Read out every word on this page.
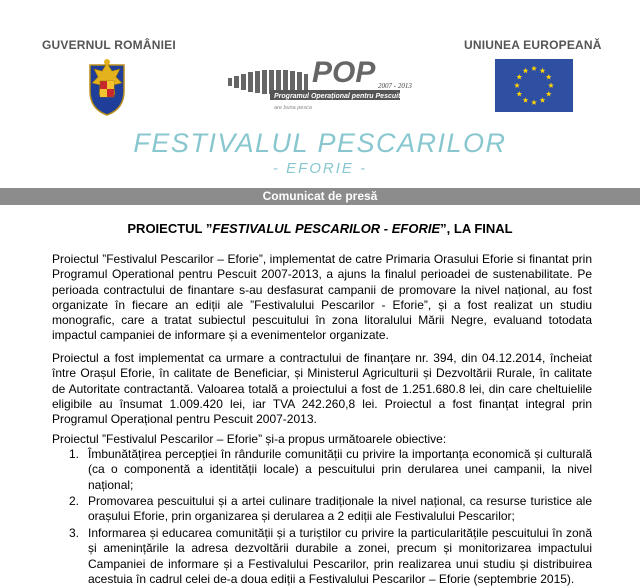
GUVERNUL ROMÂNIEI	UNIUNEA EUROPEANĂ
POP 2007 - 2013
Programul Operațional pentru Pescuit
are buna pesca
FESTIVALUL PESCARILOR
- EFORIE -
Comunicat de presă
PROIECTUL ”FESTIVALUL PESCARILOR - EFORIE”, LA FINAL
Proiectul ”Festivalul Pescarilor – Eforie”, implementat de catre Primaria Orasului Eforie si finantat prin Programul Operational pentru Pescuit 2007-2013, a ajuns la finalul perioadei de sustenabilitate. Pe perioada contractului de finantare s-au desfasurat campanii de promovare la nivel național, au fost organizate în fiecare an ediții ale ”Festivalului Pescarilor - Eforie”, și a fost realizat un studiu monografic, care a tratat subiectul pescuitului în zona litoralului Mării Negre, evaluand totodata impactul campaniei de informare și a evenimentelor organizate.
Proiectul a fost implementat ca urmare a contractului de finanțare nr. 394, din 04.12.2014, încheiat între Orașul Eforie, în calitate de Beneficiar, și Ministerul Agriculturii și Dezvoltării Rurale, în calitate de Autoritate contractantă. Valoarea totală a proiectului a fost de 1.251.680.8 lei, din care cheltuielile eligibile au însumat 1.009.420 lei, iar TVA 242.260,8 lei. Proiectul a fost finanțat integral prin Programul Operațional pentru Pescuit 2007-2013.
Proiectul ”Festivalul Pescarilor – Eforie” și-a propus următoarele obiective:
1. Îmbunătățirea percepției în rândurile comunității cu privire la importanța economică și culturală (ca o componentă a identității locale) a pescuitului prin derularea unei campanii, la nivel național;
2. Promovarea pescuitului și a artei culinare tradiționale la nivel național, ca resurse turistice ale orașului Eforie, prin organizarea și derularea a 2 ediții ale Festivalului Pescarilor;
3. Informarea și educarea comunității și a turiștilor cu privire la particularitățile pescuitului în zonă și amenințările la adresa dezvoltării durabile a zonei, precum și monitorizarea impactului Campaniei de informare și a Festivalului Pescarilor, prin realizarea unui studiu și distribuirea acestuia în cadrul celei de-a doua ediții a Festivalului Pescarilor – Eforie (septembrie 2015).
